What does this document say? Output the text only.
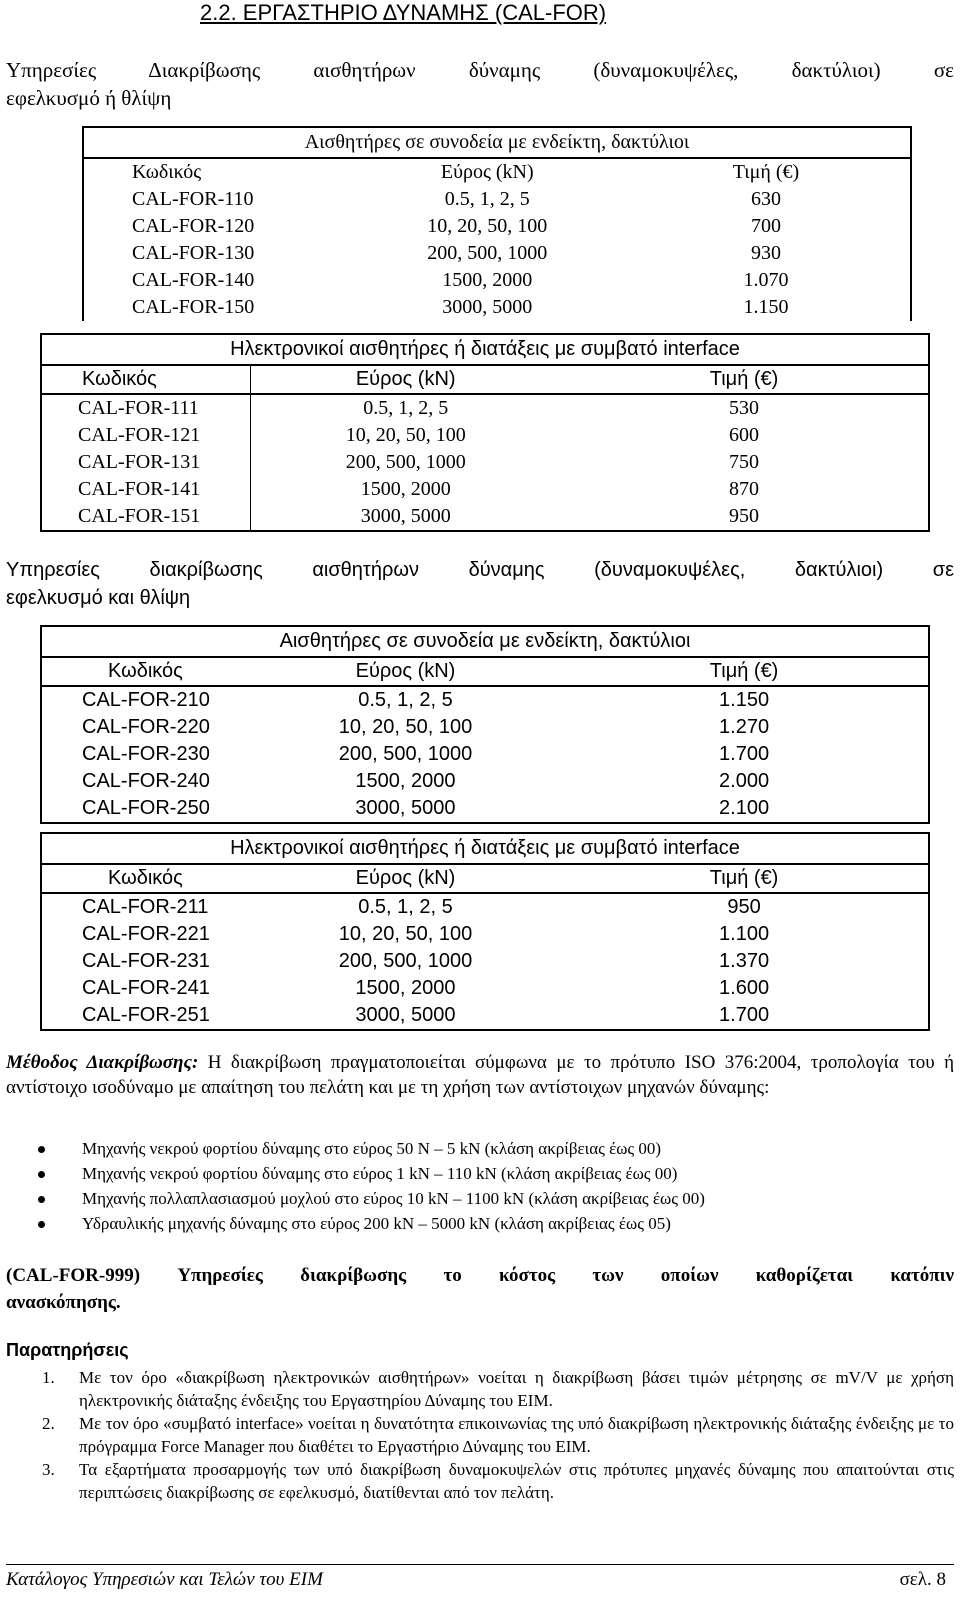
2.2. ΕΡΓΑΣΤΗΡΙΟ ΔΥΝΑΜΗΣ (CAL-FOR)
Υπηρεσίες Διακρίβωσης αισθητήρων δύναμης (δυναμοκυψέλες, δακτύλιοι) σε
εφελκυσμό ή θλίψη
Αισθητήρες σε συνοδεία με ενδείκτη, δακτύλιοι		
Κωδικός	Εύρος (kN)	Τιμή (€)
CAL-FOR-110	0.5, 1, 2, 5	630
CAL-FOR-120	10, 20, 50, 100	700
CAL-FOR-130	200, 500, 1000	930
CAL-FOR-140	1500, 2000	1.070
CAL-FOR-150	3000, 5000	1.150
Ηλεκτρονικοί αισθητήρες ή διατάξεις με συμβατό interface		
Κωδικός	Εύρος (kN)	Τιμή (€)
CAL-FOR-111	0.5, 1, 2, 5	530
CAL-FOR-121	10, 20, 50, 100	600
CAL-FOR-131	200, 500, 1000	750
CAL-FOR-141	1500, 2000	870
CAL-FOR-151	3000, 5000	950
Υπηρεσίες διακρίβωσης αισθητήρων δύναμης (δυναμοκυψέλες, δακτύλιοι) σε
εφελκυσμό και θλίψη
Αισθητήρες σε συνοδεία με ενδείκτη, δακτύλιοι		
Κωδικός	Εύρος (kN)	Τιμή (€)
CAL-FOR-210	0.5, 1, 2, 5	1.150
CAL-FOR-220	10, 20, 50, 100	1.270
CAL-FOR-230	200, 500, 1000	1.700
CAL-FOR-240	1500, 2000	2.000
CAL-FOR-250	3000, 5000	2.100
Ηλεκτρονικοί αισθητήρες ή διατάξεις με συμβατό interface		
Κωδικός	Εύρος (kN)	Τιμή (€)
CAL-FOR-211	0.5, 1, 2, 5	950
CAL-FOR-221	10, 20, 50, 100	1.100
CAL-FOR-231	200, 500, 1000	1.370
CAL-FOR-241	1500, 2000	1.600
CAL-FOR-251	3000, 5000	1.700
Μέθοδος Διακρίβωσης: Η διακρίβωση πραγματοποιείται σύμφωνα με το πρότυπο ISO 376:2004, τροπολογία του ή αντίστοιχο ισοδύναμο με απαίτηση του πελάτη και με τη χρήση των αντίστοιχων μηχανών δύναμης:
Μηχανής νεκρού φορτίου δύναμης στο εύρος 50 N – 5 kN (κλάση ακρίβειας έως 00)
Μηχανής νεκρού φορτίου δύναμης στο εύρος 1 kN – 110 kN (κλάση ακρίβειας έως 00)
Μηχανής πολλαπλασιασμού μοχλού στο εύρος 10 kN – 1100 kN (κλάση ακρίβειας έως 00)
Υδραυλικής μηχανής δύναμης στο εύρος 200 kN – 5000 kN (κλάση ακρίβειας έως 05)
(CAL-FOR-999) Υπηρεσίες διακρίβωσης το κόστος των οποίων καθορίζεται κατόπιν
ανασκόπησης.
Παρατηρήσεις
1. Με τον όρο «διακρίβωση ηλεκτρονικών αισθητήρων» νοείται η διακρίβωση βάσει τιμών μέτρησης σε mV/V με χρήση ηλεκτρονικής διάταξης ένδειξης του Εργαστηρίου Δύναμης του ΕΙΜ.
2. Με τον όρο «συμβατό interface» νοείται η δυνατότητα επικοινωνίας της υπό διακρίβωση ηλεκτρονικής διάταξης ένδειξης με το πρόγραμμα Force Manager που διαθέτει το Εργαστήριο Δύναμης του ΕΙΜ.
3. Τα εξαρτήματα προσαρμογής των υπό διακρίβωση δυναμοκυψελών στις πρότυπες μηχανές δύναμης που απαιτούνται στις περιπτώσεις διακρίβωσης σε εφελκυσμό, διατίθενται από τον πελάτη.
Κατάλογος Υπηρεσιών και Τελών του ΕΙΜ	σελ. 8
